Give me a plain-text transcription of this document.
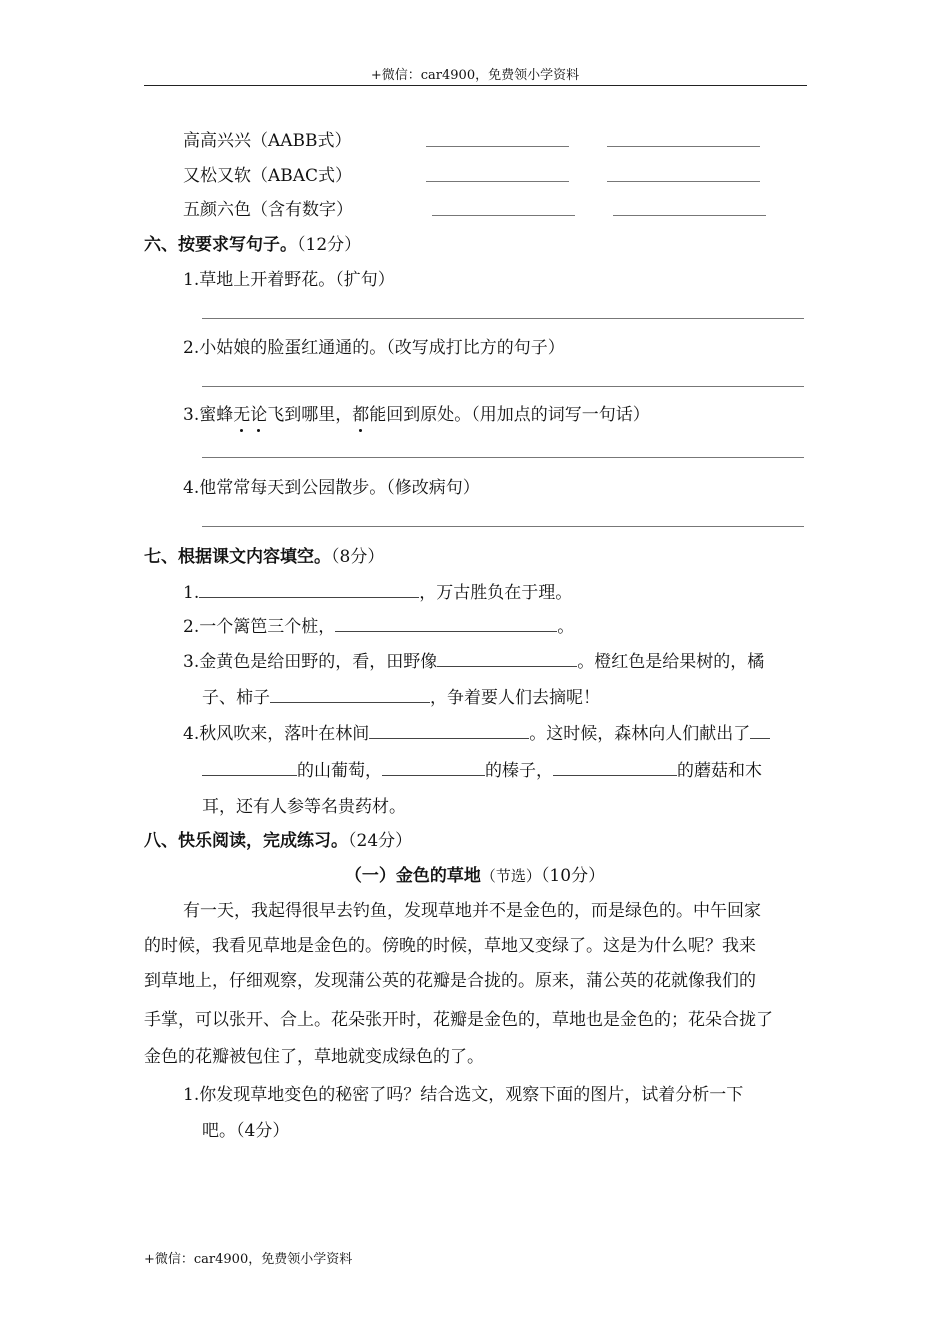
+微信：car4900，免费领小学资料
高高兴兴（AABB式）
又松又软（ABAC式）
五颜六色（含有数字）
六、按要求写句子。（12分）
1.草地上开着野花。（扩句）
2.小姑娘的脸蛋红通通的。（改写成打比方的句子）
3.蜜蜂无论飞到哪里，都能回到原处。（用加点的词写一句话）
4.他常常每天到公园散步。（修改病句）
七、根据课文内容填空。（8分）
1.	，万古胜负在于理。
2.一个篱笆三个桩，	。
3.金黄色是给田野的，看，田野像	。橙红色是给果树的，橘
子、柿子	，争着要人们去摘呢！
4.秋风吹来，落叶在林间	。这时候，森林向人们献出了
的山葡萄，	的榛子，	的蘑菇和木
耳，还有人参等名贵药材。
八、快乐阅读，完成练习。（24分）
（一）金色的草地（节选）（10分）
有一天，我起得很早去钓鱼，发现草地并不是金色的，而是绿色的。中午回家
的时候，我看见草地是金色的。傍晚的时候，草地又变绿了。这是为什么呢？我来
到草地上，仔细观察，发现蒲公英的花瓣是合拢的。原来，蒲公英的花就像我们的
手掌，可以张开、合上。花朵张开时，花瓣是金色的，草地也是金色的；花朵合拢了
金色的花瓣被包住了，草地就变成绿色的了。
1.你发现草地变色的秘密了吗？结合选文，观察下面的图片，试着分析一下
吧。（4分）
+微信：car4900，免费领小学资料
